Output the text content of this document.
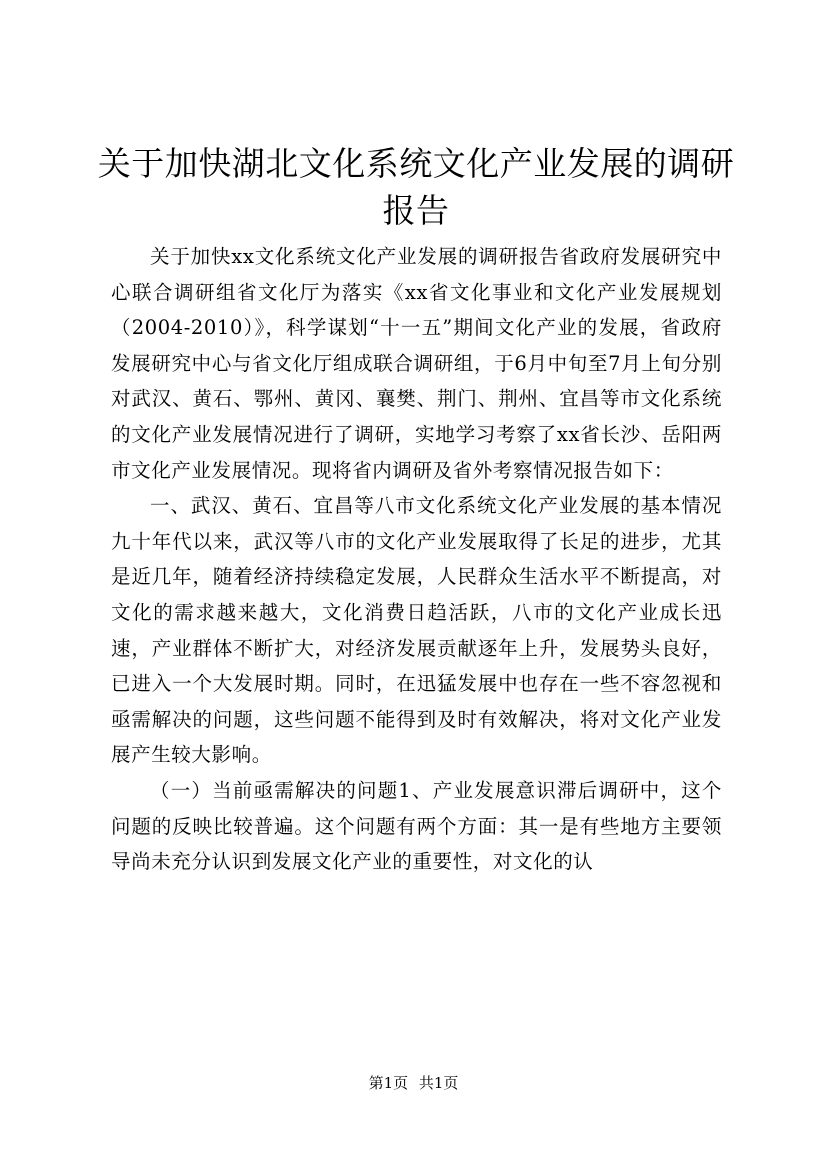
关于加快湖北文化系统文化产业发展的调研报告

关于加快xx文化系统文化产业发展的调研报告省政府发展研究中心联合调研组省文化厅为落实《xx省文化事业和文化产业发展规划（2004-2010）》，科学谋划“十一五”期间文化产业的发展，省政府发展研究中心与省文化厅组成联合调研组，于6月中旬至7月上旬分别对武汉、黄石、鄂州、黄冈、襄樊、荆门、荆州、宜昌等市文化系统的文化产业发展情况进行了调研，实地学习考察了xx省长沙、岳阳两市文化产业发展情况。现将省内调研及省外考察情况报告如下：

一、武汉、黄石、宜昌等八市文化系统文化产业发展的基本情况九十年代以来，武汉等八市的文化产业发展取得了长足的进步，尤其是近几年，随着经济持续稳定发展，人民群众生活水平不断提高，对文化的需求越来越大，文化消费日趋活跃，八市的文化产业成长迅速，产业群体不断扩大，对经济发展贡献逐年上升，发展势头良好，已进入一个大发展时期。同时，在迅猛发展中也存在一些不容忽视和亟需解决的问题，这些问题不能得到及时有效解决，将对文化产业发展产生较大影响。

（一）当前亟需解决的问题1、产业发展意识滞后调研中，这个问题的反映比较普遍。这个问题有两个方面：其一是有些地方主要领导尚未充分认识到发展文化产业的重要性，对文化的认

第1页 共1页
